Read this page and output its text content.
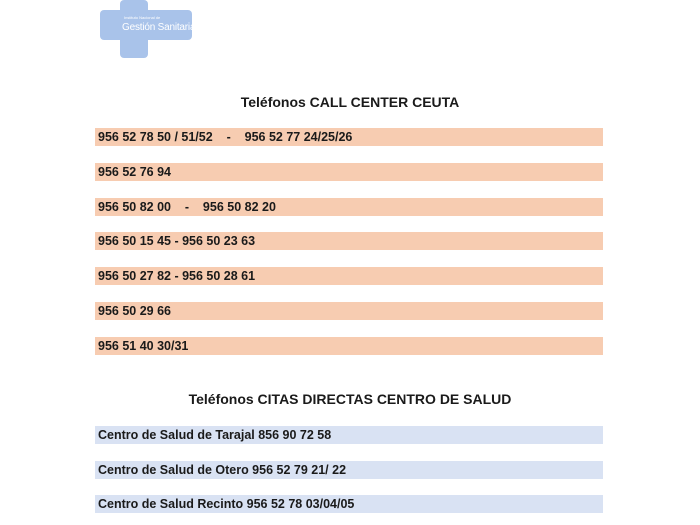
Instituto Nacional de
Gestión Sanitaria
Teléfonos CALL CENTER CEUTA
956 52 78 50 / 51/52    -    956 52 77 24/25/26
956 52 76 94
956 50 82 00    -    956 50 82 20
956 50 15 45 - 956 50 23 63
956 50 27 82 - 956 50 28 61
956 50 29 66
956 51 40 30/31
Teléfonos CITAS DIRECTAS CENTRO DE SALUD
Centro de Salud de Tarajal 856 90 72 58
Centro de Salud de Otero 956 52 79 21/ 22
Centro de Salud Recinto 956 52 78 03/04/05
